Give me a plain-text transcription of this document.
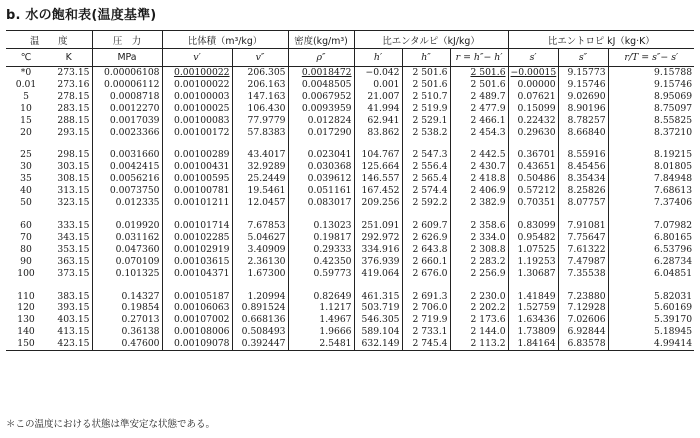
b. 水の飽和表(温度基準)
温　　度		圧　力	比体積（m³/kg）		密度(kg/m³)	比エンタルピ（kJ/kg）			比エントロピ kJ（kg·K）		
℃	K	MPa	v′	v″	ρ″	h′	h″	r = h″− h′	s′	s″	r/T = s″− s′
*0	273.15	0.00006108	0.00100022	206.305	0.0018472	−0.042	2 501.6	2 501.6	−0.00015	9.15773	9.15788
0.01	273.16	0.00006112	0.00100022	206.163	0.0048505	0.001	2 501.6	2 501.6	0.00000	9.15746	9.15746
5	278.15	0.0008718	0.00100003	147.163	0.0067952	21.007	2 510.7	2 489.7	0.07621	9.02690	8.95069
10	283.15	0.0012270	0.00100025	106.430	0.0093959	41.994	2 519.9	2 477.9	0.15099	8.90196	8.75097
15	288.15	0.0017039	0.00100083	77.9779	0.012824	62.941	2 529.1	2 466.1	0.22432	8.78257	8.55825
20	293.15	0.0023366	0.00100172	57.8383	0.017290	83.862	2 538.2	2 454.3	0.29630	8.66840	8.37210

25	298.15	0.0031660	0.00100289	43.4017	0.023041	104.767	2 547.3	2 442.5	0.36701	8.55916	8.19215
30	303.15	0.0042415	0.00100431	32.9289	0.030368	125.664	2 556.4	2 430.7	0.43651	8.45456	8.01805
35	308.15	0.0056216	0.00100595	25.2449	0.039612	146.557	2 565.4	2 418.8	0.50486	8.35434	7.84948
40	313.15	0.0073750	0.00100781	19.5461	0.051161	167.452	2 574.4	2 406.9	0.57212	8.25826	7.68613
50	323.15	0.012335	0.00101211	12.0457	0.083017	209.256	2 592.2	2 382.9	0.70351	8.07757	7.37406

60	333.15	0.019920	0.00101714	7.67853	0.13023	251.091	2 609.7	2 358.6	0.83099	7.91081	7.07982
70	343.15	0.031162	0.00102285	5.04627	0.19817	292.972	2 626.9	2 334.0	0.95482	7.75647	6.80165
80	353.15	0.047360	0.00102919	3.40909	0.29333	334.916	2 643.8	2 308.8	1.07525	7.61322	6.53796
90	363.15	0.070109	0.00103615	2.36130	0.42350	376.939	2 660.1	2 283.2	1.19253	7.47987	6.28734
100	373.15	0.101325	0.00104371	1.67300	0.59773	419.064	2 676.0	2 256.9	1.30687	7.35538	6.04851

110	383.15	0.14327	0.00105187	1.20994	0.82649	461.315	2 691.3	2 230.0	1.41849	7.23880	5.82031
120	393.15	0.19854	0.00106063	0.891524	1.1217	503.719	2 706.0	2 202.2	1.52759	7.12928	5.60169
130	403.15	0.27013	0.00107002	0.668136	1.4967	546.305	2 719.9	2 173.6	1.63436	7.02606	5.39170
140	413.15	0.36138	0.00108006	0.508493	1.9666	589.104	2 733.1	2 144.0	1.73809	6.92844	5.18945
150	423.15	0.47600	0.00109078	0.392447	2.5481	632.149	2 745.4	2 113.2	1.84164	6.83578	4.99414
＊この温度における状態は準安定な状態である。
